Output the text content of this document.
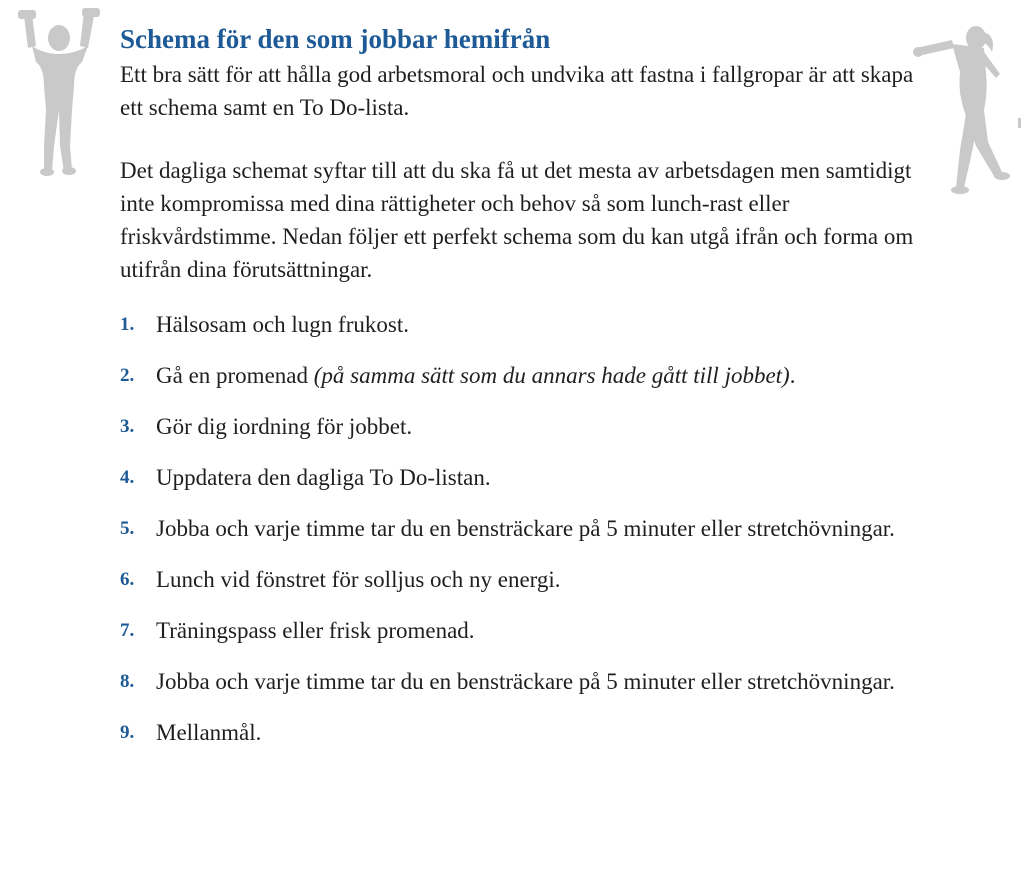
Schema för den som jobbar hemifrån

Ett bra sätt för att hålla god arbetsmoral och undvika att fastna i fallgropar är att skapa ett schema samt en To Do-lista.

Det dagliga schemat syftar till att du ska få ut det mesta av arbetsdagen men samtidigt inte kompromissa med dina rättigheter och behov så som lunch-rast eller friskvårdstimme. Nedan följer ett perfekt schema som du kan utgå ifrån och forma om utifrån dina förutsättningar.

1. Hälsosam och lugn frukost.
2. Gå en promenad (på samma sätt som du annars hade gått till jobbet).
3. Gör dig iordning för jobbet.
4. Uppdatera den dagliga To Do-listan.
5. Jobba och varje timme tar du en bensträckare på 5 minuter eller stretchövningar.
6. Lunch vid fönstret för solljus och ny energi.
7. Träningspass eller frisk promenad.
8. Jobba och varje timme tar du en bensträckare på 5 minuter eller stretchövningar.
9. Mellanmål.
